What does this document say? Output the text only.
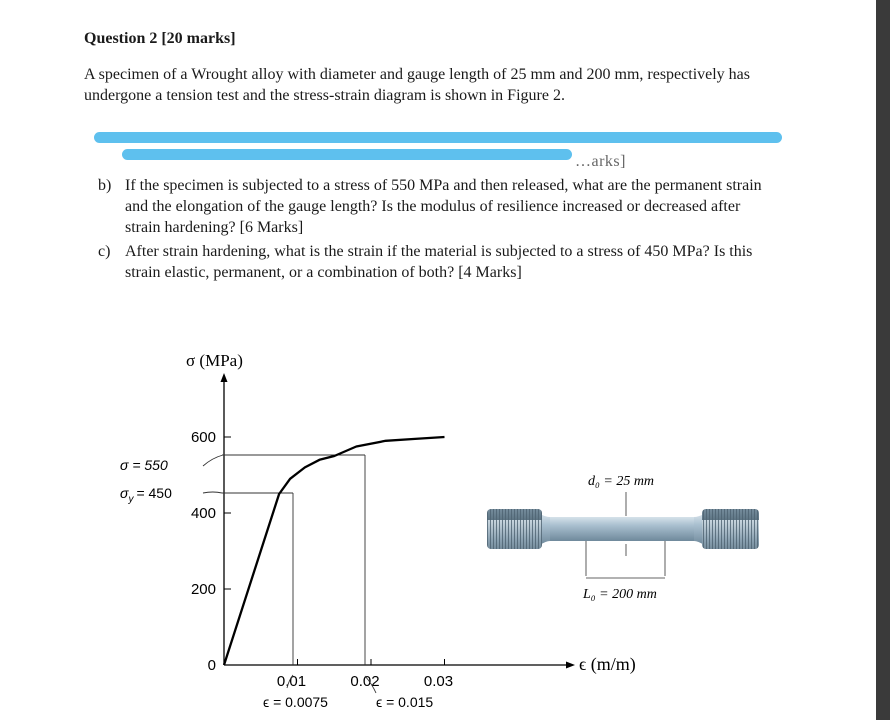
Question 2 [20 marks]
A specimen of a Wrought alloy with diameter and gauge length of 25 mm and 200 mm, respectively has undergone a tension test and the stress-strain diagram is shown in Figure 2.
…arks]
b) If the specimen is subjected to a stress of 550 MPa and then released, what are the permanent strain and the elongation of the gauge length? Is the modulus of resilience increased or decreased after strain hardening? [6 Marks]
c) After strain hardening, what is the strain if the material is subjected to a stress of 450 MPa? Is this strain elastic, permanent, or a combination of both? [4 Marks]
σ (MPa)
ϵ (m/m)
0
200
400
600
0.01	0.02	0.03
σ = 550
$\sigma_y = 450$
ϵ = 0.0075	ϵ = 0.015
d₀ = 25 mm
L₀ = 200 mm
